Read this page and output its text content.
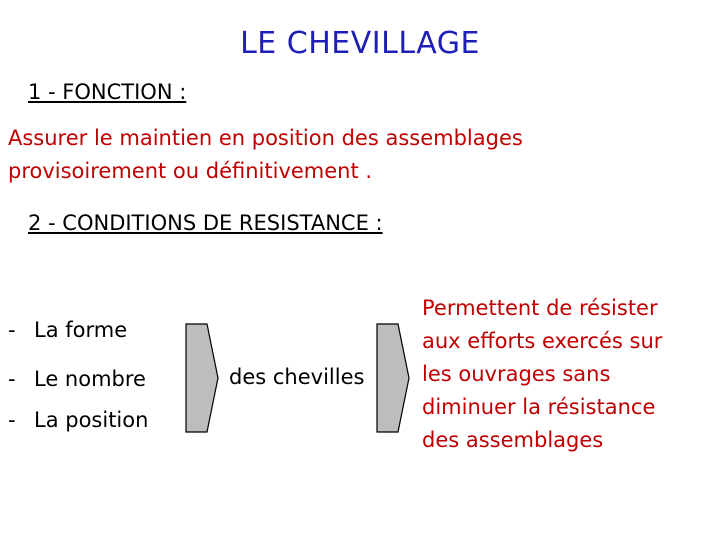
LE CHEVILLAGE
1 - FONCTION :
Assurer le maintien en position des assemblages
provisoirement ou définitivement .
2 - CONDITIONS DE RESISTANCE :
- La forme
- Le nombre
- La position
des chevilles
Permettent de résister
aux efforts exercés sur
les ouvrages sans
diminuer la résistance
des assemblages
